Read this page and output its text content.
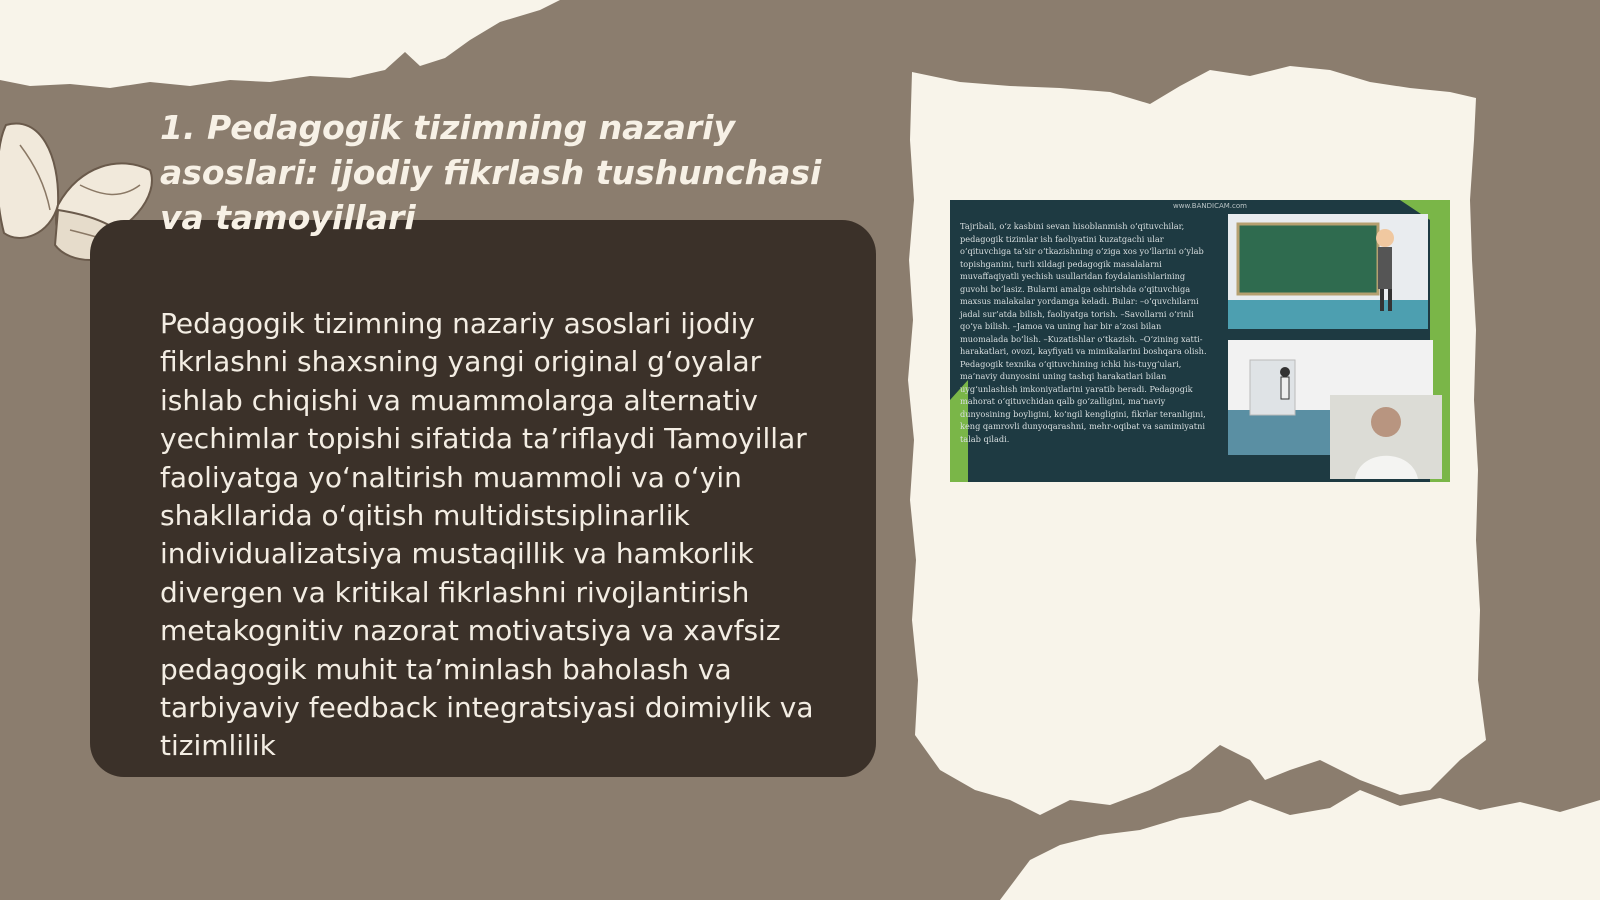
1. Pedagogik tizimning nazariy asoslari: ijodiy fikrlash tushunchasi va tamoyillari

Pedagogik tizimning nazariy asoslari ijodiy fikrlashni shaxsning yangi original g‘oyalar ishlab chiqishi va muammolarga alternativ yechimlar topishi sifatida ta’riflaydi Tamoyillar faoliyatga yo‘naltirish muammoli va o‘yin shakllarida o‘qitish multidistsiplinarlik individualizatsiya mustaqillik va hamkorlik divergen va kritikal fikrlashni rivojlantirish metakognitiv nazorat motivatsiya va xavfsiz pedagogik muhit ta’minlash baholash va tarbiyaviy feedback integratsiyasi doimiylik va tizimlilik

www.BANDICAM.com

Tajribali, o‘z kasbini sevan hisoblanmish o‘qituvchilar, pedagogik tizimlar ish faoliyatini kuzatgachi ular o‘qituvchiga ta’sir o‘tkazishning o‘ziga xos yo‘llarini o‘ylab topishganini, turli xildagi pedagogik masalalarni muvaffaqiyatli yechish usullaridan foydalanishlarining guvohi bo‘lasiz. Bularni amalga oshirishda o‘qituvchiga maxsus malakalar yordamga keladi. Bular: –o‘quvchilarni jadal sur’atda bilish, faoliyatga torish. –Savollarni o‘rinli qo‘ya bilish. –Jamoa va uning har bir a’zosi bilan muomalada bo‘lish. –Kuzatishlar o‘tkazish. –O‘zining xatti-harakatlari, ovozi, kayfiyati va mimikalarini boshqara olish. Pedagogik texnika o‘qituvchining ichki his-tuyg‘ulari, ma’naviy dunyosini uning tashqi harakatlari bilan uyg‘unlashish imkoniyatlarini yaratib beradi. Pedagogik mahorat o‘qituvchidan qalb go‘zalligini, ma’naviy dunyosining boyligini, ko‘ngil kengligini, fikrlar teranligini, keng qamrovli dunyoqarashni, mehr-oqibat va samimiyatni talab qiladi.
